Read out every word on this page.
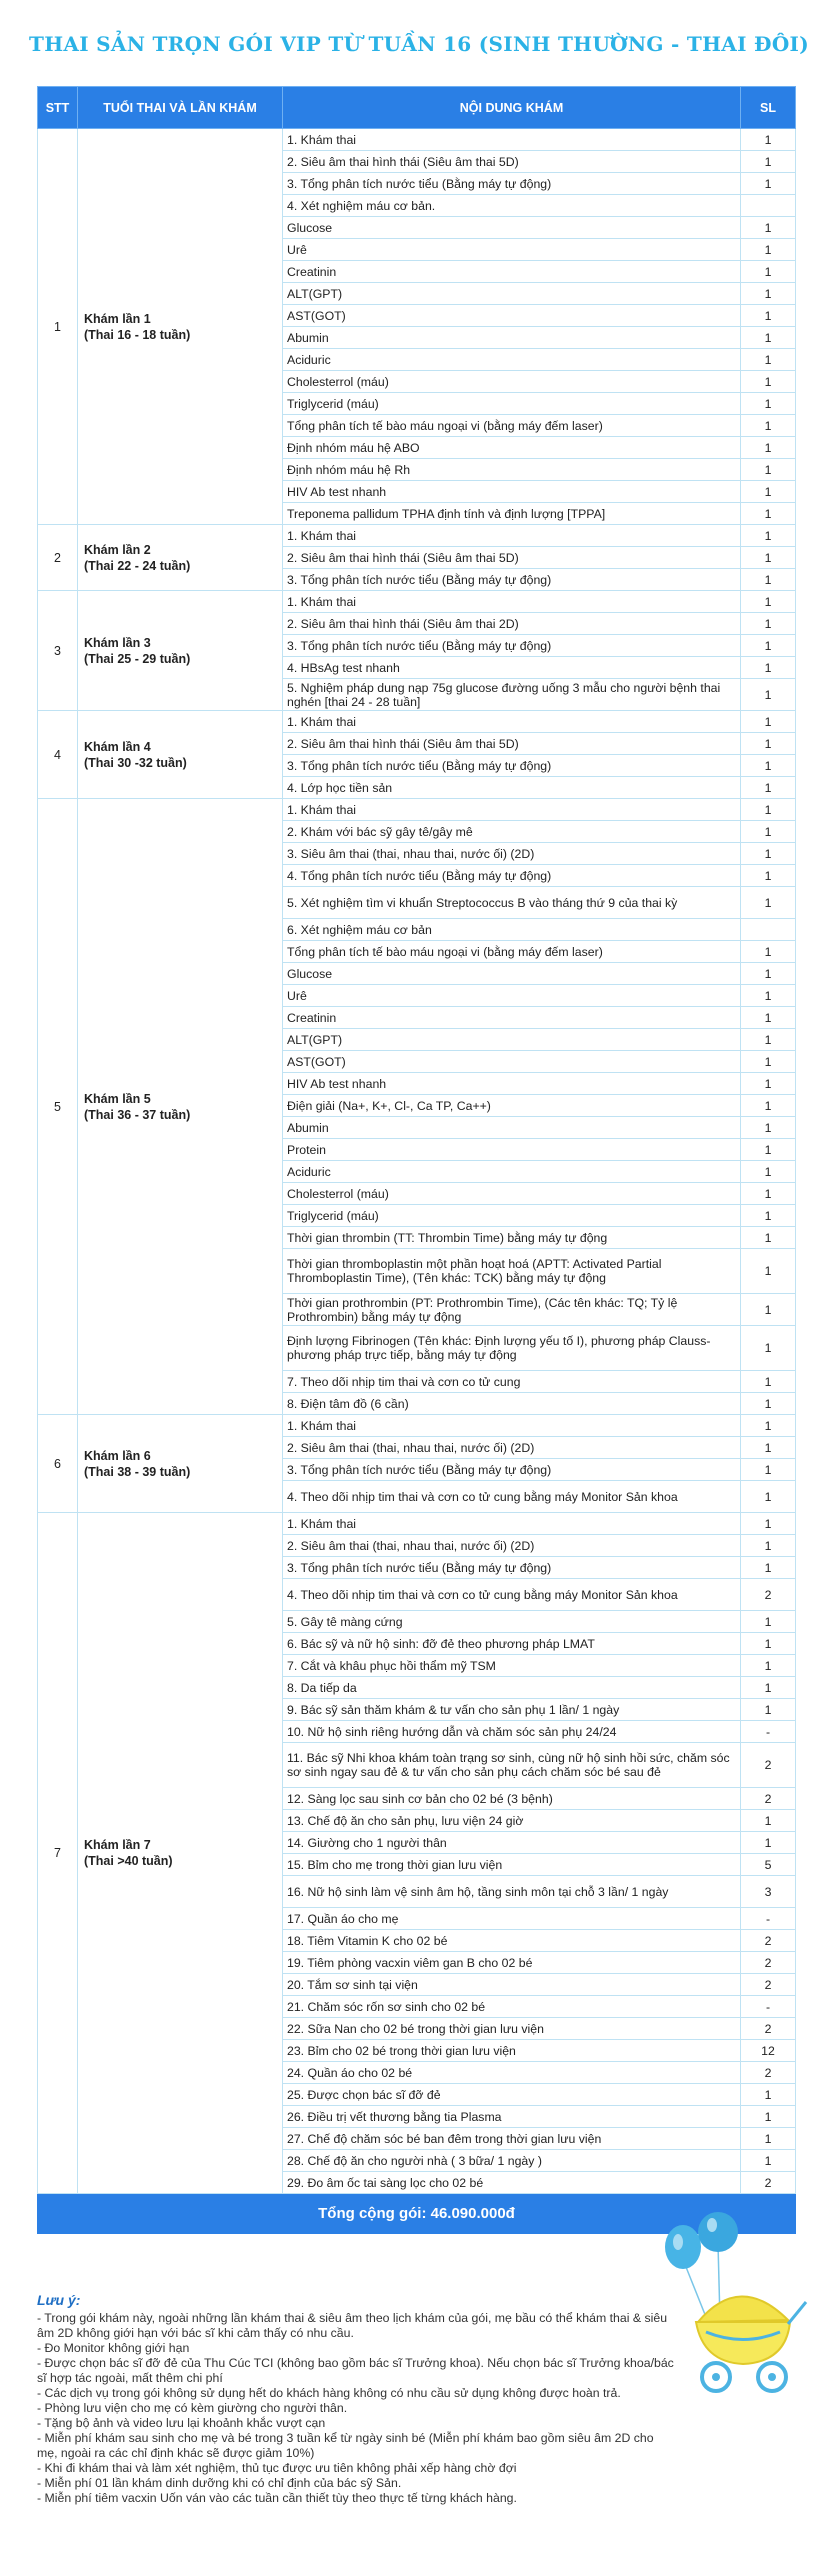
THAI SẢN TRỌN GÓI VIP TỪ TUẦN 16 (SINH THƯỜNG - THAI ĐÔI)
STT	TUỔI THAI VÀ LẦN KHÁM	NỘI DUNG KHÁM	SL
1	Khám lần 1
(Thai 16 - 18 tuần)	1. Khám thai	1
		2. Siêu âm thai hình thái (Siêu âm thai 5D)	1
		3. Tổng phân tích nước tiểu (Bằng máy tự động)	1
		4. Xét nghiệm máu cơ bản.	
		Glucose	1
		Urê	1
		Creatinin	1
		ALT(GPT)	1
		AST(GOT)	1
		Abumin	1
		Aciduric	1
		Cholesterrol (máu)	1
		Triglycerid (máu)	1
		Tổng phân tích tế bào máu ngoại vi (bằng máy đếm laser)	1
		Định nhóm máu hệ ABO	1
		Định nhóm máu hệ Rh	1
		HIV Ab test nhanh	1
		Treponema pallidum TPHA định tính và định lượng [TPPA]	1
2	Khám lần 2
(Thai 22 - 24 tuần)	1. Khám thai	1
		2. Siêu âm thai hình thái (Siêu âm thai 5D)	1
		3. Tổng phân tích nước tiểu (Bằng máy tự động)	1
3	Khám lần 3
(Thai 25 - 29 tuần)	1. Khám thai	1
		2. Siêu âm thai hình thái (Siêu âm thai 2D)	1
		3. Tổng phân tích nước tiểu (Bằng máy tự động)	1
		4. HBsAg test nhanh	1
		5. Nghiệm pháp dung nạp 75g glucose đường uống 3 mẫu cho người bệnh thai nghén [thai 24 - 28 tuần]	1
4	Khám lần 4
(Thai 30 -32 tuần)	1. Khám thai	1
		2. Siêu âm thai hình thái (Siêu âm thai 5D)	1
		3. Tổng phân tích nước tiểu (Bằng máy tự động)	1
		4. Lớp học tiền sản	1
5	Khám lần 5
(Thai 36 - 37 tuần)	1. Khám thai	1
		2. Khám với bác sỹ gây tê/gây mê	1
		3. Siêu âm thai (thai, nhau thai, nước ối) (2D)	1
		4. Tổng phân tích nước tiểu (Bằng máy tự động)	1
		5. Xét nghiệm tìm vi khuẩn Streptococcus B vào tháng thứ 9 của thai kỳ	1
		6. Xét nghiệm máu cơ bản	
		Tổng phân tích tế bào máu ngoại vi (bằng máy đếm laser)	1
		Glucose	1
		Urê	1
		Creatinin	1
		ALT(GPT)	1
		AST(GOT)	1
		HIV Ab test nhanh	1
		Điện giải (Na+, K+, Cl-, Ca TP, Ca++)	1
		Abumin	1
		Protein	1
		Aciduric	1
		Cholesterrol (máu)	1
		Triglycerid (máu)	1
		Thời gian thrombin (TT: Thrombin Time) bằng máy tự động	1
		Thời gian thromboplastin một phần hoạt hoá (APTT: Activated Partial Thromboplastin Time), (Tên khác: TCK) bằng máy tự động	1
		Thời gian prothrombin (PT: Prothrombin Time), (Các tên khác: TQ; Tỷ lệ Prothrombin) bằng máy tự động	1
		Định lượng Fibrinogen (Tên khác: Định lượng yếu tố I), phương pháp Clauss- phương pháp trực tiếp, bằng máy tự động	1
		7. Theo dõi nhịp tim thai và cơn co tử cung	1
		8. Điện tâm đồ (6 cần)	1
6	Khám lần 6
(Thai 38 - 39 tuần)	1. Khám thai	1
		2. Siêu âm thai (thai, nhau thai, nước ối) (2D)	1
		3. Tổng phân tích nước tiểu (Bằng máy tự động)	1
		4. Theo dõi nhịp tim thai và cơn co tử cung bằng máy Monitor Sản khoa	1
7	Khám lần 7
(Thai >40 tuần)	1. Khám thai	1
		2. Siêu âm thai (thai, nhau thai, nước ối) (2D)	1
		3. Tổng phân tích nước tiểu (Bằng máy tự động)	1
		4. Theo dõi nhịp tim thai và cơn co tử cung bằng máy Monitor Sản khoa	2
		5. Gây tê màng cứng	1
		6. Bác sỹ và nữ hộ sinh: đỡ đẻ theo phương pháp LMAT	1
		7. Cắt và khâu phục hồi thẩm mỹ TSM	1
		8. Da tiếp da	1
		9. Bác sỹ sản thăm khám & tư vấn cho sản phụ 1 lần/ 1 ngày	1
		10. Nữ hộ sinh riêng hướng dẫn và chăm sóc sản phụ 24/24	-
		11. Bác sỹ Nhi khoa khám toàn trạng sơ sinh, cùng nữ hộ sinh hồi sức, chăm sóc sơ sinh ngay sau đẻ & tư vấn cho sản phụ cách chăm sóc bé sau đẻ	2
		12. Sàng lọc sau sinh cơ bản cho 02 bé (3 bệnh)	2
		13. Chế độ ăn cho sản phụ, lưu viện 24 giờ	1
		14. Giường cho 1 người thân	1
		15. Bỉm cho mẹ trong thời gian lưu viện	5
		16. Nữ hộ sinh làm vệ sinh âm hộ, tầng sinh môn tại chỗ 3 lần/ 1 ngày	3
		17. Quần áo cho mẹ	-
		18. Tiêm Vitamin K cho 02 bé	2
		19. Tiêm phòng vacxin viêm gan B cho 02 bé	2
		20. Tắm sơ sinh tại viện	2
		21. Chăm sóc rốn sơ sinh cho 02 bé	-
		22. Sữa Nan cho 02 bé trong thời gian lưu viện	2
		23. Bỉm cho 02 bé trong thời gian lưu viện	12
		24. Quần áo cho 02 bé	2
		25. Được chọn bác sĩ đỡ đẻ	1
		26. Điều trị vết thương bằng tia Plasma	1
		27. Chế độ chăm sóc bé ban đêm trong thời gian lưu viện	1
		28. Chế độ ăn cho người nhà ( 3 bữa/ 1 ngày )	1
		29. Đo âm ốc tai sàng lọc cho 02 bé	2
Tổng cộng gói: 46.090.000đ			
Lưu ý:
- Trong gói khám này, ngoài những lần khám thai & siêu âm theo lịch khám của gói, mẹ bầu có thể khám thai & siêu âm 2D không giới hạn với bác sĩ khi cảm thấy có nhu cầu.
- Đo Monitor không giới hạn
- Được chọn bác sĩ đỡ đẻ của Thu Cúc TCI (không bao gồm bác sĩ Trưởng khoa). Nếu chọn bác sĩ Trưởng khoa/bác sĩ hợp tác ngoài, mất thêm chi phí
- Các dịch vụ trong gói không sử dụng hết do khách hàng không có nhu cầu sử dụng không được hoàn trả.
- Phòng lưu viện cho mẹ có kèm giường cho người thân.
- Tặng bộ ảnh và video lưu lại khoảnh khắc vượt cạn
- Miễn phí khám sau sinh cho mẹ và bé trong 3 tuần kể từ ngày sinh bé (Miễn phí khám bao gồm siêu âm 2D cho mẹ, ngoài ra các chỉ định khác sẽ được giảm 10%)
- Khi đi khám thai và làm xét nghiệm, thủ tục được ưu tiên không phải xếp hàng chờ đợi
- Miễn phí 01 lần khám dinh dưỡng khi có chỉ định của bác sỹ Sản.
- Miễn phí tiêm vacxin Uốn ván vào các tuần cần thiết tùy theo thực tế từng khách hàng.
